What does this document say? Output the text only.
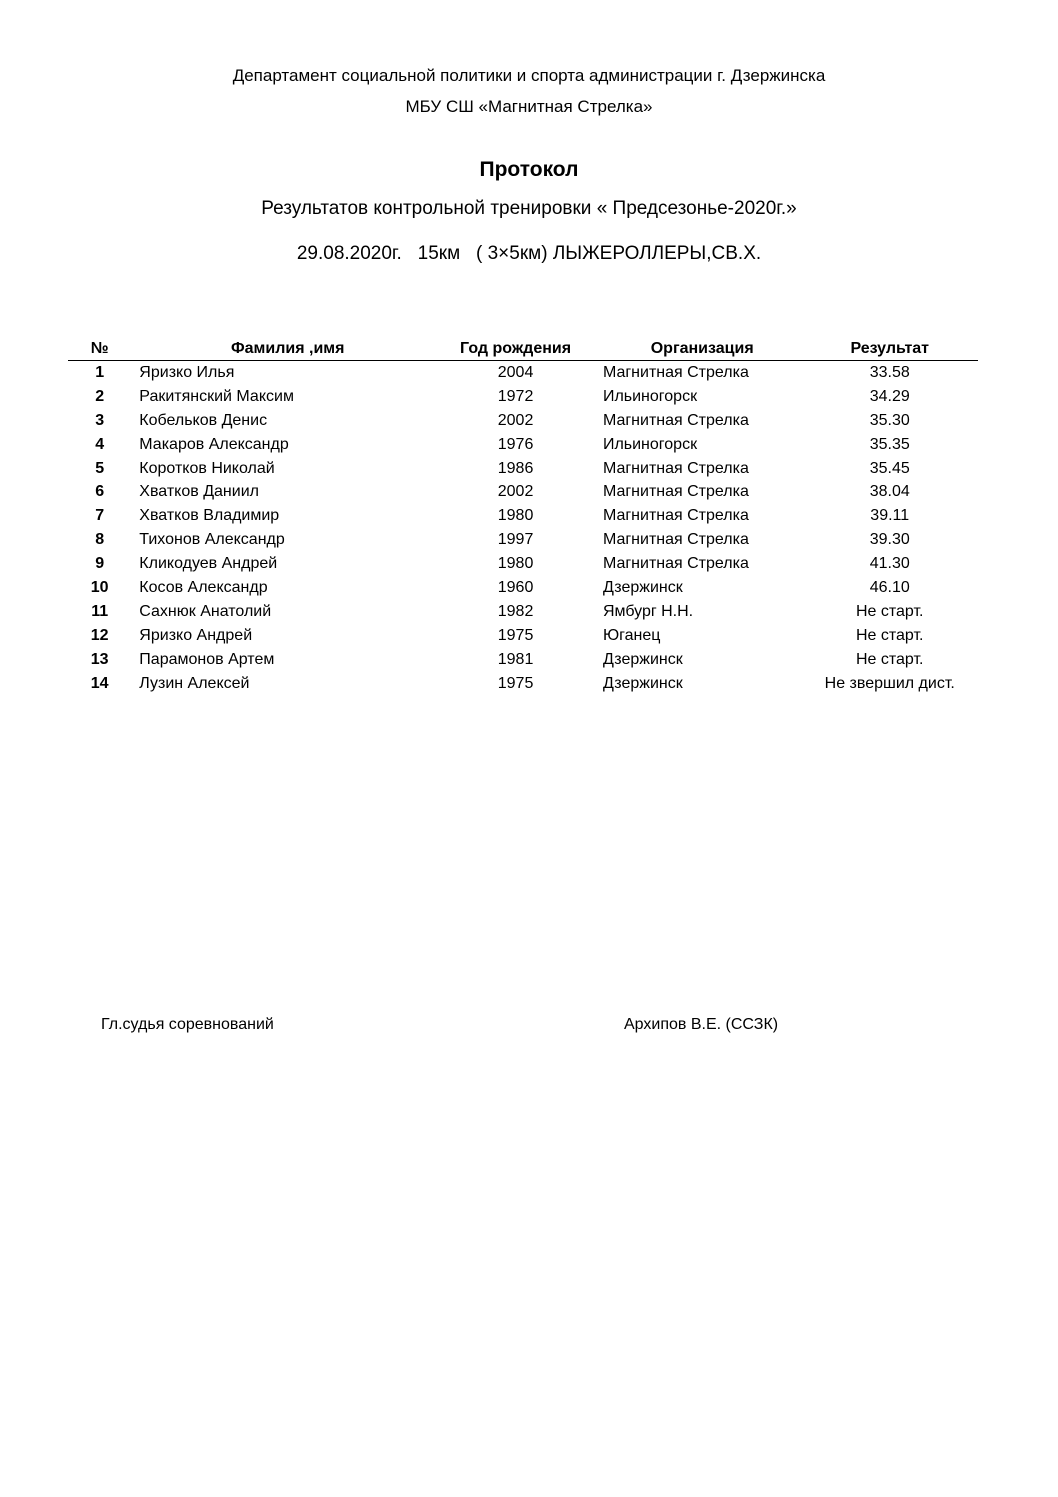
Департамент социальной политики и спорта администрации г. Дзержинска
МБУ СШ «Магнитная Стрелка»
Протокол
Результатов контрольной тренировки « Предсезонье-2020г.»
29.08.2020г.   15км   ( 3×5км) ЛЫЖЕРОЛЛЕРЫ,СВ.Х.
№	Фамилия ,имя	Год рождения	Организация	Результат
1	Яризко Илья	2004	Магнитная Стрелка	33.58
2	Ракитянский Максим	1972	Ильиногорск	34.29
3	Кобельков Денис	2002	Магнитная Стрелка	35.30
4	Макаров Александр	1976	Ильиногорск	35.35
5	Коротков Николай	1986	Магнитная Стрелка	35.45
6	Хватков Даниил	2002	Магнитная Стрелка	38.04
7	Хватков Владимир	1980	Магнитная Стрелка	39.11
8	Тихонов Александр	1997	Магнитная Стрелка	39.30
9	Кликодуев Андрей	1980	Магнитная Стрелка	41.30
10	Косов Александр	1960	Дзержинск	46.10
11	Сахнюк Анатолий	1982	Ямбург Н.Н.	Не старт.
12	Яризко Андрей	1975	Юганец	Не старт.
13	Парамонов Артем	1981	Дзержинск	Не старт.
14	Лузин Алексей	1975	Дзержинск	Не звершил дист.
Гл.судья соревнований	Архипов В.Е. (ССЗК)
